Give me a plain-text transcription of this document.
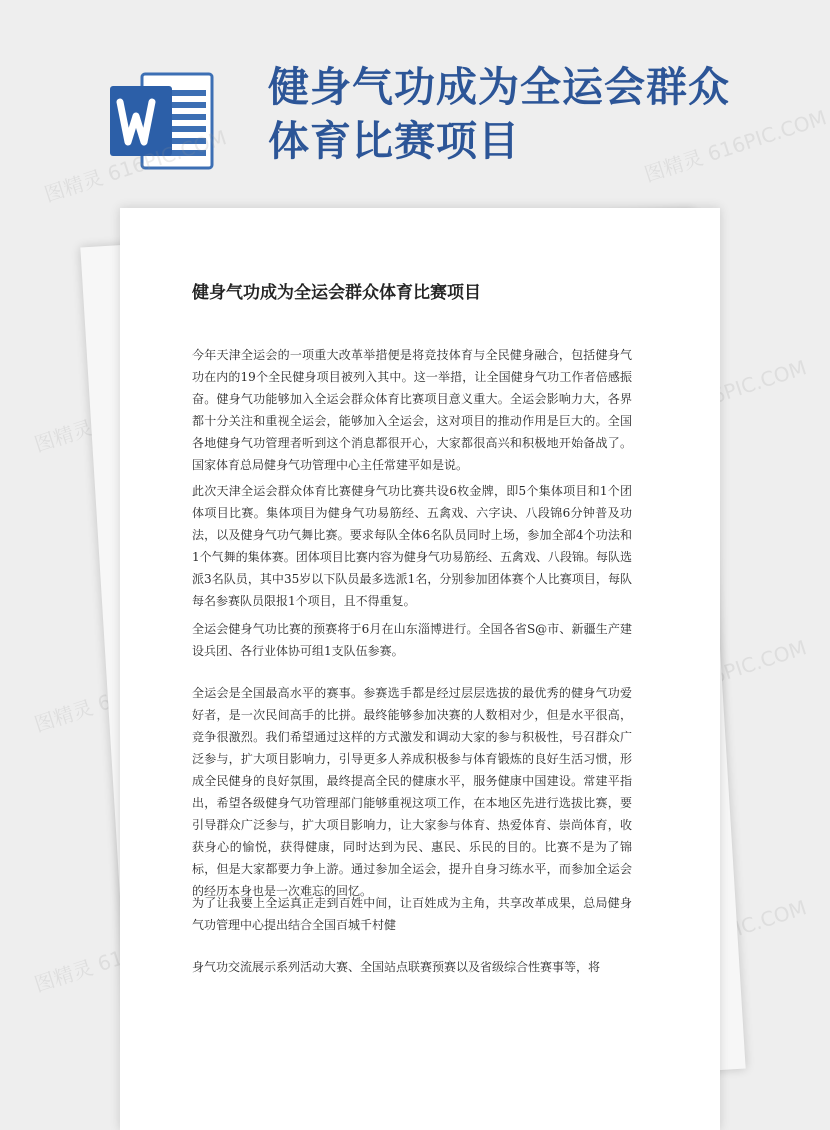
健身气功成为全运会群众体育比赛项目
图精灵 616PIC.COM	图精灵 616PIC.COM
图精灵
616PIC.COM
图精灵
616PIC.COM
图精灵
616PIC.COM
健身气功成为全运会群众体育比赛项目

今年天津全运会的一项重大改革举措便是将竞技体育与全民健身融合，包括健身气功在内的19个全民健身项目被列入其中。这一举措，让全国健身气功工作者倍感振奋。健身气功能够加入全运会群众体育比赛项目意义重大。全运会影响力大，各界都十分关注和重视全运会，能够加入全运会，这对项目的推动作用是巨大的。全国各地健身气功管理者听到这个消息都很开心，大家都很高兴和积极地开始备战了。国家体育总局健身气功管理中心主任常建平如是说。

此次天津全运会群众体育比赛健身气功比赛共设6枚金牌，即5个集体项目和1个团体项目比赛。集体项目为健身气功易筋经、五禽戏、六字诀、八段锦6分钟普及功法，以及健身气功气舞比赛。要求每队全体6名队员同时上场，参加全部4个功法和1个气舞的集体赛。团体项目比赛内容为健身气功易筋经、五禽戏、八段锦。每队选派3名队员，其中35岁以下队员最多选派1名，分别参加团体赛个人比赛项目，每队每名参赛队员限报1个项目，且不得重复。

全运会健身气功比赛的预赛将于6月在山东淄博进行。全国各省S@市、新疆生产建设兵团、各行业体协可组1支队伍参赛。

全运会是全国最高水平的赛事。参赛选手都是经过层层选拔的最优秀的健身气功爱好者，是一次民间高手的比拼。最终能够参加决赛的人数相对少，但是水平很高，竞争很激烈。我们希望通过这样的方式激发和调动大家的参与积极性，号召群众广泛参与，扩大项目影响力，引导更多人养成积极参与体育锻炼的良好生活习惯，形成全民健身的良好氛围，最终提高全民的健康水平，服务健康中国建设。常建平指出，希望各级健身气功管理部门能够重视这项工作，在本地区先进行选拔比赛，要引导群众广泛参与，扩大项目影响力，让大家参与体育、热爱体育、崇尚体育，收获身心的愉悦，获得健康，同时达到为民、惠民、乐民的目的。比赛不是为了锦标，但是大家都要力争上游。通过参加全运会，提升自身习练水平，而参加全运会的经历本身也是一次难忘的回忆。

为了让我要上全运真正走到百姓中间，让百姓成为主角，共享改革成果，总局健身气功管理中心提出结合全国百城千村健

身气功交流展示系列活动大赛、全国站点联赛预赛以及省级综合性赛事等，将
